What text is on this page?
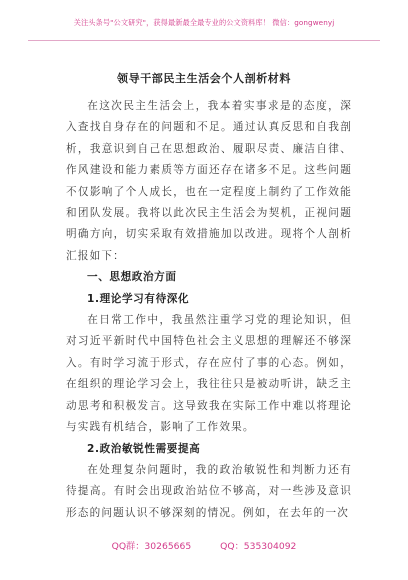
关注头条号"公文研究"，获得最新最全最专业的公文资料库！ 微信：gongwenyj
领导干部民主生活会个人剖析材料

在这次民主生活会上，我本着实事求是的态度，深入查找自身存在的问题和不足。通过认真反思和自我剖析，我意识到自己在思想政治、履职尽责、廉洁自律、作风建设和能力素质等方面还存在诸多不足。这些问题不仅影响了个人成长，也在一定程度上制约了工作效能和团队发展。我将以此次民主生活会为契机，正视问题明确方向，切实采取有效措施加以改进。现将个人剖析汇报如下：

一、思想政治方面

1.理论学习有待深化

在日常工作中，我虽然注重学习党的理论知识，但对习近平新时代中国特色社会主义思想的理解还不够深入。有时学习流于形式，存在应付了事的心态。例如，在组织的理论学习会上，我往往只是被动听讲，缺乏主动思考和积极发言。这导致我在实际工作中难以将理论与实践有机结合，影响了工作效果。

2.政治敏锐性需要提高

在处理复杂问题时，我的政治敏锐性和判断力还有待提高。有时会出现政治站位不够高，对一些涉及意识形态的问题认识不够深刻的情况。例如，在去年的一次

QQ群：30265665	QQ：535304092
